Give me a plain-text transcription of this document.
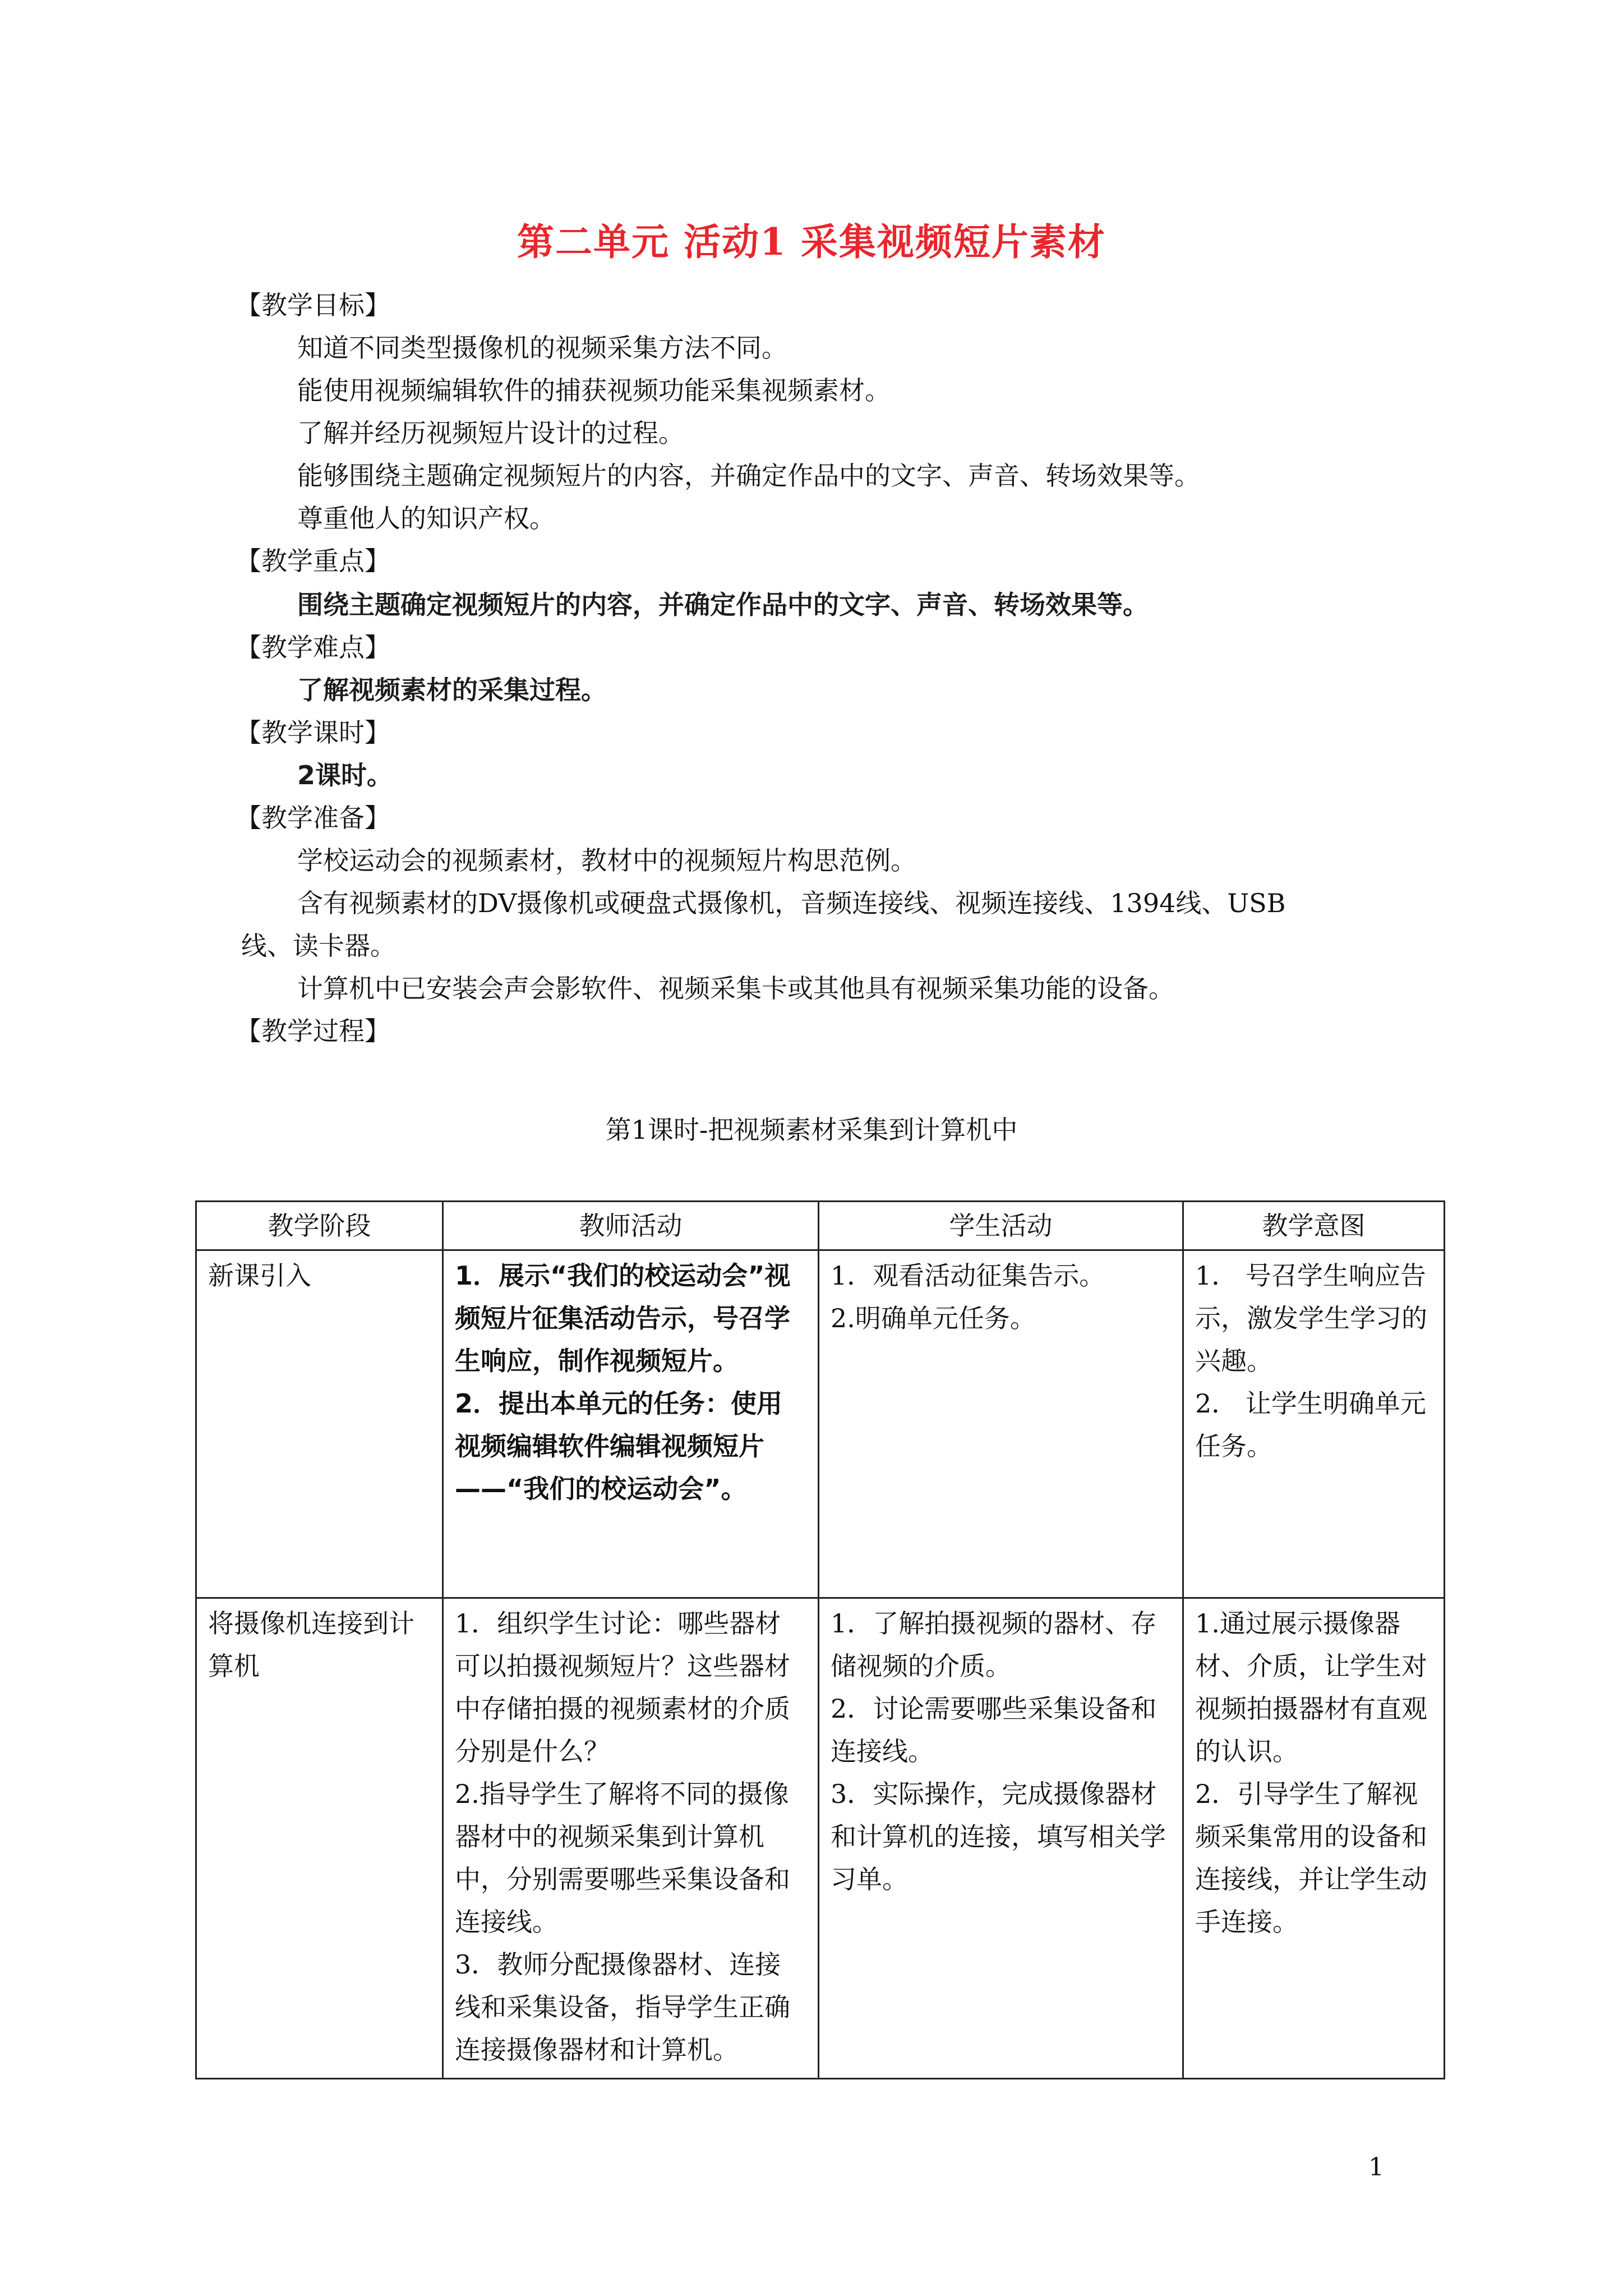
第二单元 活动1 采集视频短片素材
【教学目标】
知道不同类型摄像机的视频采集方法不同。
能使用视频编辑软件的捕获视频功能采集视频素材。
了解并经历视频短片设计的过程。
能够围绕主题确定视频短片的内容，并确定作品中的文字、声音、转场效果等。
尊重他人的知识产权。
【教学重点】
围绕主题确定视频短片的内容，并确定作品中的文字、声音、转场效果等。
【教学难点】
了解视频素材的采集过程。
【教学课时】
2课时。
【教学准备】
学校运动会的视频素材，教材中的视频短片构思范例。
含有视频素材的DV摄像机或硬盘式摄像机，音频连接线、视频连接线、1394线、USB
线、读卡器。
计算机中已安装会声会影软件、视频采集卡或其他具有视频采集功能的设备。
【教学过程】
第1课时-把视频素材采集到计算机中
教学阶段	教师活动	学生活动	教学意图
新课引入	1．展示“我们的校运动会”视频短片征集活动告示，号召学生响应，制作视频短片。
2．提出本单元的任务：使用视频编辑软件编辑视频短片——“我们的校运动会”。	1．观看活动征集告示。
2.明确单元任务。	1． 号召学生响应告示，激发学生学习的兴趣。
2． 让学生明确单元任务。

将摄像机连接到计算机	1．组织学生讨论：哪些器材可以拍摄视频短片？这些器材中存储拍摄的视频素材的介质分别是什么？
2.指导学生了解将不同的摄像器材中的视频采集到计算机中，分别需要哪些采集设备和连接线。
3．教师分配摄像器材、连接线和采集设备，指导学生正确连接摄像器材和计算机。	1．了解拍摄视频的器材、存储视频的介质。
2．讨论需要哪些采集设备和连接线。
3．实际操作，完成摄像器材和计算机的连接，填写相关学习单。	1.通过展示摄像器材、介质，让学生对视频拍摄器材有直观的认识。
2．引导学生了解视频采集常用的设备和连接线，并让学生动手连接。
1
